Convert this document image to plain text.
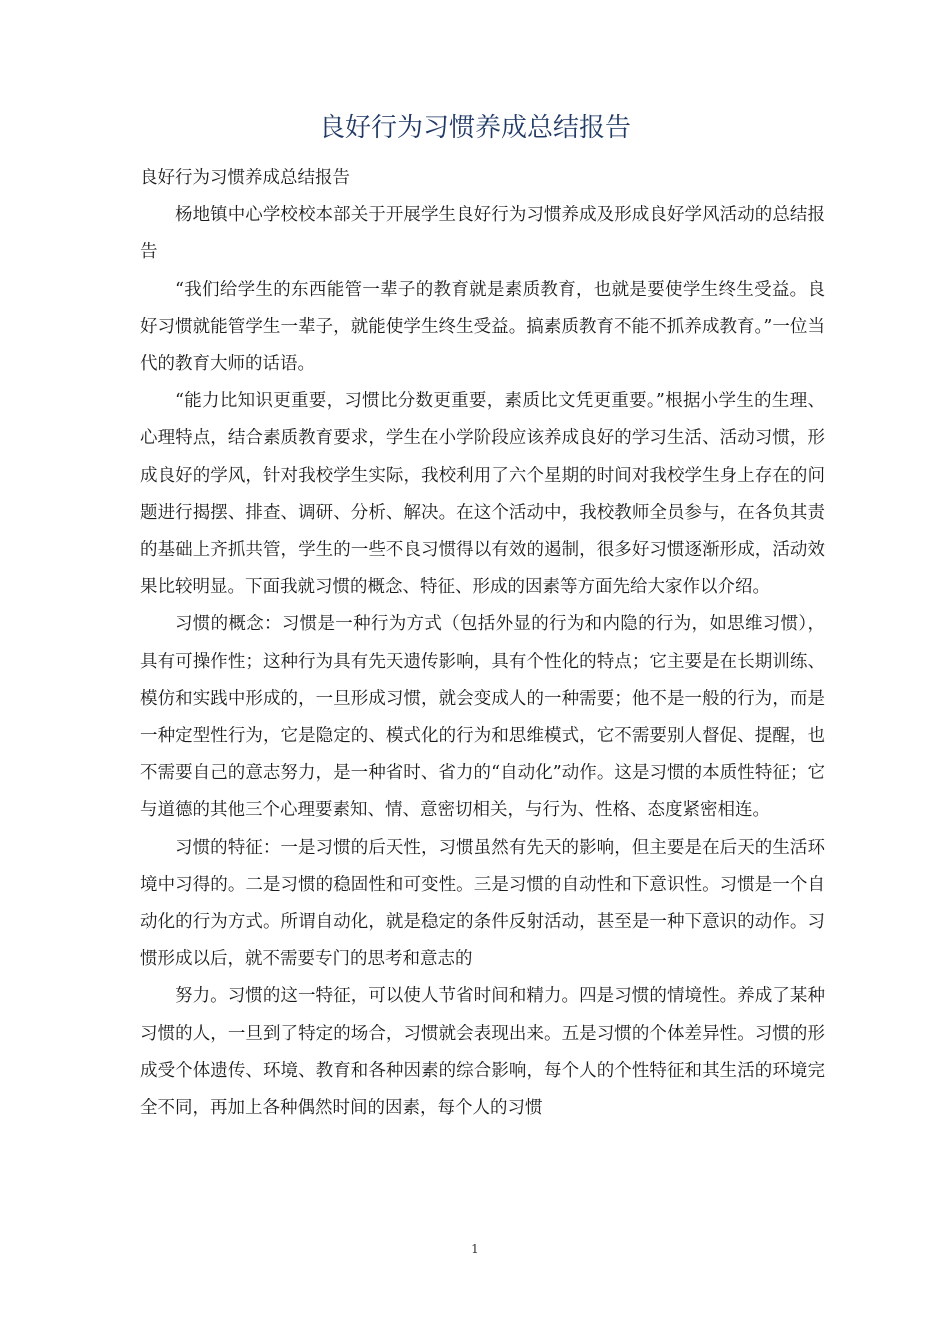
良好行为习惯养成总结报告

良好行为习惯养成总结报告

杨地镇中心学校校本部关于开展学生良好行为习惯养成及形成良好学风活动的总结报告

“我们给学生的东西能管一辈子的教育就是素质教育，也就是要使学生终生受益。良好习惯就能管学生一辈子，就能使学生终生受益。搞素质教育不能不抓养成教育。”一位当代的教育大师的话语。

“能力比知识更重要，习惯比分数更重要，素质比文凭更重要。”根据小学生的生理、心理特点，结合素质教育要求，学生在小学阶段应该养成良好的学习生活、活动习惯，形成良好的学风，针对我校学生实际，我校利用了六个星期的时间对我校学生身上存在的问题进行揭摆、排查、调研、分析、解决。在这个活动中，我校教师全员参与，在各负其责的基础上齐抓共管，学生的一些不良习惯得以有效的遏制，很多好习惯逐渐形成，活动效果比较明显。下面我就习惯的概念、特征、形成的因素等方面先给大家作以介绍。

习惯的概念：习惯是一种行为方式（包括外显的行为和内隐的行为，如思维习惯），具有可操作性；这种行为具有先天遗传影响，具有个性化的特点；它主要是在长期训练、模仿和实践中形成的，一旦形成习惯，就会变成人的一种需要；他不是一般的行为，而是一种定型性行为，它是隐定的、模式化的行为和思维模式，它不需要别人督促、提醒，也不需要自己的意志努力，是一种省时、省力的“自动化”动作。这是习惯的本质性特征；它与道德的其他三个心理要素知、情、意密切相关，与行为、性格、态度紧密相连。

习惯的特征：一是习惯的后天性，习惯虽然有先天的影响，但主要是在后天的生活环境中习得的。二是习惯的稳固性和可变性。三是习惯的自动性和下意识性。习惯是一个自动化的行为方式。所谓自动化，就是稳定的条件反射活动，甚至是一种下意识的动作。习惯形成以后，就不需要专门的思考和意志的

努力。习惯的这一特征，可以使人节省时间和精力。四是习惯的情境性。养成了某种习惯的人，一旦到了特定的场合，习惯就会表现出来。五是习惯的个体差异性。习惯的形成受个体遗传、环境、教育和各种因素的综合影响，每个人的个性特征和其生活的环境完全不同，再加上各种偶然时间的因素，每个人的习惯

1
